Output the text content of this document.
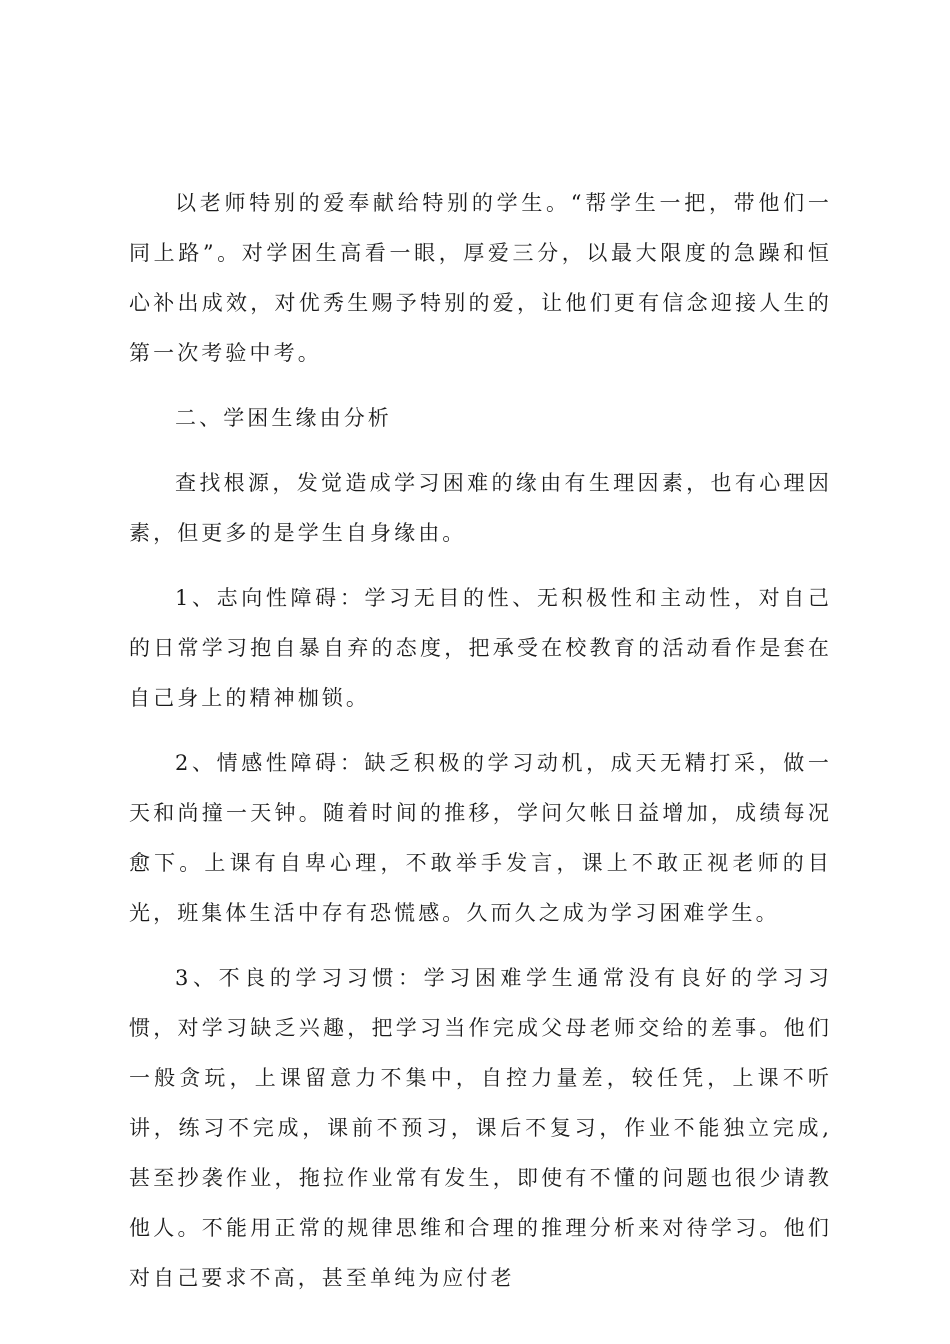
以老师特别的爱奉献给特别的学生。“帮学生一把，带他们一同上路”。对学困生高看一眼，厚爱三分，以最大限度的急躁和恒心补出成效，对优秀生赐予特别的爱，让他们更有信念迎接人生的第一次考验中考。

二、学困生缘由分析

查找根源，发觉造成学习困难的缘由有生理因素，也有心理因素，但更多的是学生自身缘由。

1、志向性障碍：学习无目的性、无积极性和主动性，对自己的日常学习抱自暴自弃的态度，把承受在校教育的活动看作是套在自己身上的精神枷锁。

2、情感性障碍：缺乏积极的学习动机，成天无精打采，做一天和尚撞一天钟。随着时间的推移，学问欠帐日益增加，成绩每况愈下。上课有自卑心理，不敢举手发言，课上不敢正视老师的目光，班集体生活中存有恐慌感。久而久之成为学习困难学生。

3、不良的学习习惯：学习困难学生通常没有良好的学习习惯，对学习缺乏兴趣，把学习当作完成父母老师交给的差事。他们一般贪玩，上课留意力不集中，自控力量差，较任凭，上课不听讲，练习不完成，课前不预习，课后不复习，作业不能独立完成,甚至抄袭作业，拖拉作业常有发生，即使有不懂的问题也很少请教他人。不能用正常的规律思维和合理的推理分析来对待学习。他们对自己要求不高，甚至单纯为应付老
